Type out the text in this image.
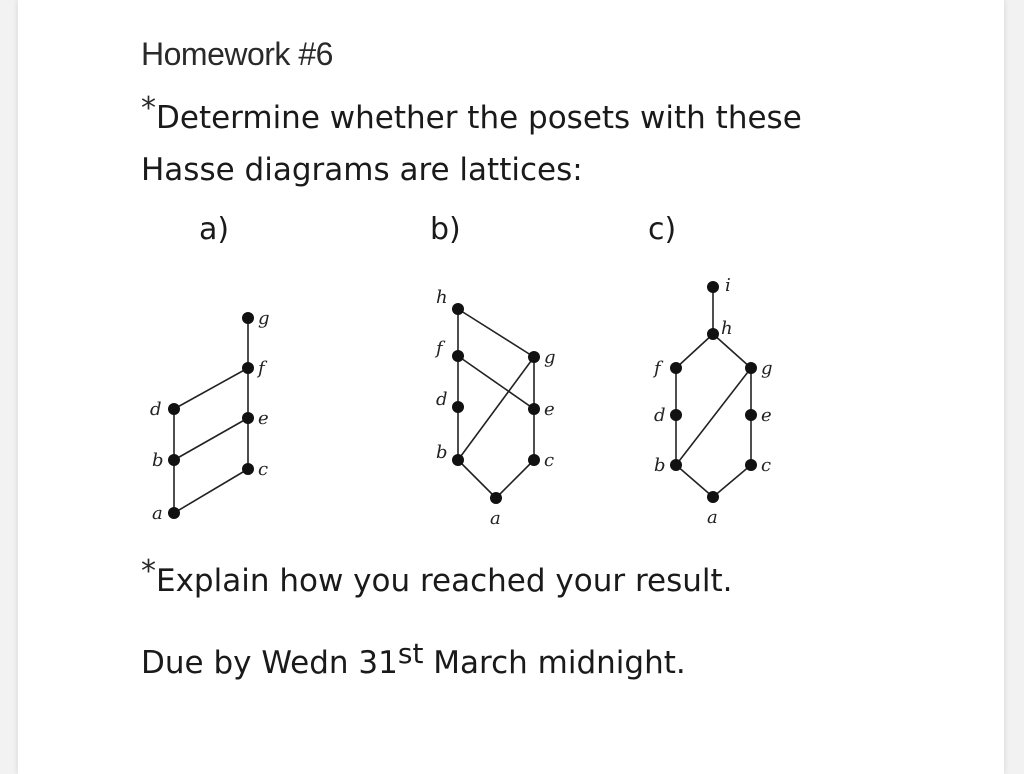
Homework #6
*Determine whether the posets with these
Hasse diagrams are lattices:
a)	b)	c)
a
b	c
d	e
f
g
a
b	c
d	e
f	g
h
a
b	c
d	e
f	g
h
i
*Explain how you reached your result.
Due by Wedn 31st March midnight.
